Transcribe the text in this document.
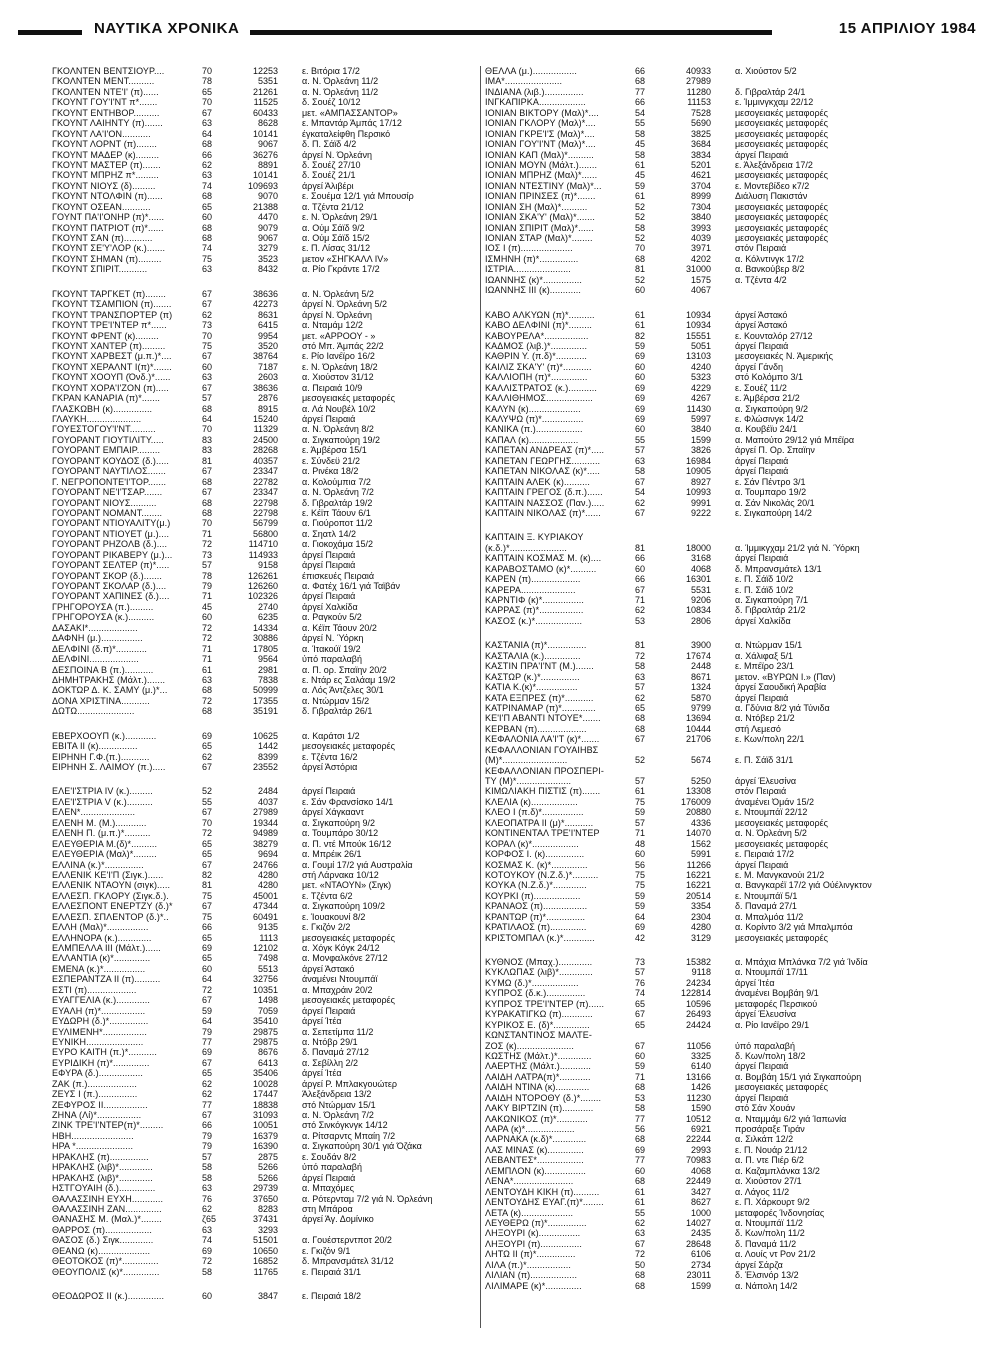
ΝΑΥΤΙΚΑ ΧΡΟΝΙΚΑ	15 ΑΠΡΙΛΙΟΥ 1984
ΓΚΟΛΝΤΕΝ ΒΕΝΤΣΙΟΥΡ....	70	12253	ε. Βιτόρια 17/2
ΓΚΟΛΝΤΕΝ ΜΕΝΤ..........	78	5351	α. Ν. Όρλεάνη 11/2
ΓΚΟΛΝΤΕΝ ΝΤΕ'Ι' (π)......	65	21261	α. Ν. Όρλεάνη 11/2
ΓΚΟΥΝΤ ΓΟΥ'Ι'ΝΤ π*.......	70	11525	δ. Σουέζ 10/12
ΓΚΟΥΝΤ ΕΝΤΗΒΟΡ..........	67	60433	μετ. «ΑΜΠΑΣΣΑΝΤΟΡ»
ΓΚΟΥΝΤ ΛΑΙΗΝΤΥ (π).......	63	8628	ε. Μπαντάρ Άμπάς 17/12
ΓΚΟΥΝΤ ΛΑ'Ι'ΟΝ...........	64	10141	έγκαταλείφθη Περσικό
ΓΚΟΥΝΤ ΛΟΡΝΤ (π)........	68	9067	δ. Π. Σάϊδ 4/2
ΓΚΟΥΝΤ ΜΑΔΕΡ (κ).........	66	36276	άργεί Ν. Όρλεάνη
ΓΚΟΥΝΤ ΜΑΣΤΕΡ (π).......	62	8891	δ. Σουέζ 27/10
ΓΚΟΥΝΤ ΜΠΡΗΖ π*.........	63	10141	δ. Σουέζ 21/1
ΓΚΟΥΝΤ ΝΙΟΥΣ (δ).........	74	109693	άργεί Άλιβέρι
ΓΚΟΥΝΤ ΝΤΟΛΦΙΝ (π)......	68	9070	ε. Σουέμα 12/1 γιά Μπουσίρ
ΓΚΟΥΝΤ ΟΣΕΑΝ...........	65	21388	α. Τζέντα 21/12
ΓΟΥΝΤ ΠΑ'Ι'ΟΝΗΡ (π)*......	60	4470	ε. Ν. Όρλεάνη 29/1
ΓΚΟΥΝΤ ΠΑΤΡΙΟΤ (π)*......	68	9079	α. Ούμ Σάϊδ 9/2
ΓΚΟΥΝΤ ΣΑΝ (π)...........	68	9067	α. Ούμ Σάϊδ 15/2
ΓΚΟΥΝΤ ΣΕ'Υ'ΛΟΡ (κ.).......	74	3279	ε. Π. Λίσας 31/12
ΓΚΟΥΝΤ ΣΗΜΑΝ (π).........	75	3523	μετον «ΣΗΓΚΑΛΛ IV»
ΓΚΟΥΝΤ ΣΠΙΡΙΤ...........	63	8432	α. Ρίο Γκράντε 17/2
ΓΚΟΥΝΤ ΤΑΡΓΚΕΤ (π)........	67	38636	α. Ν. Όρλεάνη 5/2
ΓΚΟΥΝΤ ΤΣΑΜΠΙΟΝ (π).......	67	42273	άργεί Ν. Όρλεάνη 5/2
ΓΚΟΥΝΤ ΤΡΑΝΣΠΟΡΤΕΡ (π)	62	8631	άργεί Ν. Όρλεάνη
ΓΚΟΥΝΤ ΤΡΕ'Ι'ΝΤΕΡ π*......	73	6415	α. Νταμάμ 12/2
ΓΚΟΥΝΤ ΦΡΕΝΤ (κ).........	70	9954	μετ. «ΑΡΡΟΟΥ - »
ΓΚΟΥΝΤ ΧΑΝΤΕΡ (π).........	75	3520	στό Μπ. Άμπάς 22/2
ΓΚΟΥΝΤ ΧΑΡΒΕΣΤ (μ.π.)*....	67	38764	ε. Ρίο Ιανέϊρο 16/2
ΓΚΟΥΝΤ ΧΕΡΑΛΝΤ Ι(π)*.......	60	7187	ε. Ν. Όρλεάνη 18/2
ΓΚΟΥΝΤ ΧΟΟΥΠ (Όνδ.)*......	63	2603	α. Χιούστον 31/12
ΓΚΟΥΝΤ ΧΟΡΑ'Ι'ΖΟΝ (π).....	67	38636	α. Πειραιά 10/9
ΓΚΡΑΝ ΚΑΝΑΡΙΑ (π)*.......	57	2876	μεσογειακές μεταφορές
ΓΛΑΣΚΩΒΗ (κ)...............	68	8915	α. Λά Νουβέλ 10/2
ΓΛΑΥΚΗ.....................	64	15240	άργεί Πειραιά
ΓΟΥΕΣΤΟΓΟΥ'Ι'ΝΤ..........	70	11329	α. Ν. Όρλεάνη 8/2
ΓΟΥΟΡΑΝΤ ΓΙΟΥΤΙΛΙΤΥ.....	83	24500	α. Σιγκαπούρη 19/2
ΓΟΥΟΡΑΝΤ ΕΜΠΑΙΡ.........	83	28268	ε. Άμβέρσα 15/1
ΓΟΥΟΡΑΝΤ ΚΟΥΔΟΣ (δ.).....	81	40357	ε. Σύνδεϋ 21/2
ΓΟΥΟΡΑΝΤ ΝΑΥΤΙΛΟΣ.......	67	23347	α. Ρινέκα 18/2
Γ. ΝΕΓΡΟΠΟΝΤΕ'Ι'ΤΟΡ.......	68	22782	α. Κολούμπια 7/2
ΓΟΥΟΡΑΝΤ ΝΕ'Ι'ΤΣΑΡ.......	67	23347	α. Ν. Όρλεάνη 7/2
ΓΟΥΟΡΑΝΤ ΝΙΟΥΣ..........	68	22798	δ. Γιβραλτάρ 19/2
ΓΟΥΟΡΑΝΤ ΝΟΜΑΝΤ........	68	22798	ε. Κέϊπ Τάουν 6/1
ΓΟΥΟΡΑΝΤ ΝΤΙΟΥΑΛΙΤΥ(μ.)	70	56799	α. Γιούροποτ 11/2
ΓΟΥΟΡΑΝΤ ΝΤΙΟΥΕΤ (μ.)....	71	56800	α. Σηατλ 14/2
ΓΟΥΟΡΑΝΤ ΡΗΖΟΛΒ (δ.)....	72	114710	α. Γιοκοχάμα 15/2
ΓΟΥΟΡΑΝΤ ΡΙΚΑΒΕΡΥ (μ.)...	73	114933	άργεί Πειραιά
ΓΟΥΟΡΑΝΤ ΣΕΛΤΕΡ (π)*.....	57	9158	άργεί Πειραιά
ΓΟΥΟΡΑΝΤ ΣΚΟΡ (δ.).......	78	126261	έπισκευές Πειραιά
ΓΟΥΟΡΑΝΤ ΣΚΟΛΑΡ (δ.)....	79	126260	α. Φατέχ 16/1 γιά Ταϊβάν
ΓΟΥΟΡΑΝΤ ΧΑΠΙΝΕΣ (δ.)....	71	102326	άργεί Πειραιά
ΓΡΗΓΟΡΟΥΣΑ (π.).........	45	2740	άργεί Χαλκίδα
ΓΡΗΓΟΡΟΥΣΑ (κ.)..........	60	6235	α. Ραγκούν 5/2
ΔΑΣΑΚΙ*...................	72	14334	α. Κέϊπ Τάουν 20/2
ΔΑΦΝΗ (μ.)................	72	30886	άργεί Ν. Ύόρκη
ΔΕΛΦΙΝΙ (δ.π)*............	71	17805	α. Ίτακούϊ 19/2
ΔΕΛΦΙΝΙ...................	71	9564	ύπό παραλαβή
ΔΕΣΠΟΙΝΑ Β (π.)...........	61	2981	α. Π. ορ. Σπαϊην 20/2
ΔΗΜΗΤΡΑΚΗΣ (Μάλτ.).......	63	7838	ε. Ντάρ ες Σαλάαμ 19/2
ΔΟΚΤΩΡ Δ. Κ. ΣΑΜΥ (μ.)*...	68	50999	α. Λός Άντζελες 30/1
ΔΟΝΑ ΧΡΙΣΤΙΝΑ...........	72	17355	α. Ντώρμαν 15/2
ΔΩΤΩ......................	68	35191	δ. Γιβραλτάρ 26/1
ΕΒΕΡΧΟΟΥΠ (κ.)............	69	10625	α. Καράτσι 1/2
ΕΒΙΤΑ ΙΙ (κ)...............	65	1442	μεσογειακές μεταφορές
ΕΙΡΗΝΗ Γ.Φ.(π.)...........	62	8399	ε. Τζέντα 16/2
ΕΙΡΗΝΗ Σ. ΛΑΙΜΟΥ (π.).....	67	23552	άργεί Άστόρια
ΕΛΕ'Ι'ΣΤΡΙΑ IV (κ.).........	52	2484	άργεί Πειραιά
ΕΛΕ'Ι'ΣΤΡΙΑ V (κ.)..........	55	4037	ε. Σάν Φρανσίσκο 14/1
ΕΛΕΝ*.....................	67	27989	άργεί Χάγκααντ
ΕΛΕΝΗ Μ. (Μ.)............	70	19344	α. Σιγκαπούρη 9/2
ΕΛΕΝΗ Π. (μ.π.)*..........	72	94989	α. Τουμπάρο 30/12
ΕΛΕΥΘΕΡΙΑ Μ.(δ)*..........	65	38279	α. Π. ντέ Μπούκ 16/12
ΕΛΕΥΘΕΡΙΑ (Μαλ)*.........	65	9694	α. Μπρέικ 26/1
ΕΛΛΙΝΑ (κ.)*...............	67	24766	α. Γουμί 17/2 γιά Αυστραλία
ΕΛΛΕΝΙΚ ΚΕ'Ι'Π (Σιγκ.)......	82	4280	στή Λάρνακα 10/12
ΕΛΛΕΝΙΚ ΝΤΑΟΥΝ (σιγκ).....	81	4280	μετ. «ΝΤΑΟΥΝ» (Σιγκ)
ΕΛΛΕΣΠ. ΓΚΛΟΡΥ (Σιγκ.δ.).	75	45001	ε. Τζέντα 6/2
ΕΛΛΕΣΠΟΝΤ ΕΝΕΡΤΖΥ (δ.)*	67	47344	α. Σιγκαπούρη 109/2
ΕΛΛΕΣΠ. ΣΠΛΕΝΤΟΡ (δ.)*..	75	60491	ε. Ίουακουνί 8/2
ΕΛΛΗ (Μαλ)*................	66	9135	ε. Γκιζόν 2/2
ΕΛΛΗΝΟΡΑ (κ.).............	65	1113	μεσογειακές μεταφορές
ΕΛΜΠΕΛΛΑ ΙΙΙ (Μάλτ.)......	69	12102	α. Χόγκ Κόγκ 24/12
ΕΛΛΑΝΤΙΑ (κ)*..............	65	7498	α. Μονφαλκόνε 27/12
ΕΜΕΝΑ (κ.)*................	60	5513	άργεί Άστακό
ΕΣΠΕΡΑΝΤΖΑ ΙΙ (π)..........	64	32756	άναμένει Ντουμπάϊ
ΕΣΤΙ (π)...................	72	10351	α. Μπαχράιν 20/2
ΕΥΑΓΓΕΛΙΑ (κ.).............	67	1498	μεσογειακές μεταφορές
ΕΥΑΛΗ (π)*.................	59	7059	άργεί Πειραιά
ΕΥΔΩΡΗ (δ.)*...............	64	35410	άργεί Ίτέα
ΕΥΛΙΜΕΝΗ*.................	79	29875	α. Σεπετίμπα 11/2
ΕΥΝΙΚΗ......................	77	29875	α. Ντόβρ 29/1
ΕΥΡΟ ΚΑΙΤΗ (π.)*...........	69	8676	δ. Παναμά 27/12
ΕΥΡΙΔΙΚΗ (π)*..............	67	6413	α. Σεβίλλη 2/2
ΕΦΥΡΑ (δ.).................	65	35406	άργεί Ίτέα
ΖΑΚ (π.)...................	62	10028	άργεί Ρ. Μπλακγουώτερ
ΖΕΥΣ Ι (π.)...............	62	17447	Άλεξάνδρεια 13/2
ΖΕΦΥΡΟΣ ΙΙ.................	77	18838	στό Ντώρμαν 15/1
ΖΗΝΑ (Λί)*.................	67	31093	α. Ν. Όρλεάνη 7/2
ΖΙΝΚ ΤΡΕ'Ι'ΝΤΕΡ(π)*.........	66	10051	στό Σινκόγκνγκ 14/12
ΗΒΗ........................	79	16379	α. Ρίτσαρντς Μπαίη 7/2
ΗΡΑ *......................	79	16390	α. Σιγκαπούρη 30/1 γιά Όζάκα
ΗΡΑΚΛΗΣ (π)...............	57	2875	ε. Σουδάν 8/2
ΗΡΑΚΛΗΣ (λιβ)*.............	58	5266	ύπό παραλαβή
ΗΡΑΚΛΗΣ (λιβ)*.............	58	5266	άργεί Πειραιά
ΗΣΤΓΟΥΑΙΗ (δ.)..............	63	29739	α. Μπαχόμες
ΘΑΛΑΣΣΙΝΗ ΕΥΧΗ............	76	37650	α. Ρότερνταμ 7/2 γιά Ν. Όρλεάνη
ΘΑΛΑΣΣΙΝΗ ΖΑΝ..............	62	8283	στη Μπάροα
ΘΑΝΑΣΗΣ Μ. (Μαλ.)*........	ζ65	37431	άργεί Άγ. Δομίνικο
ΘΑΡΡΟΣ (π)..................	63	3293
ΘΑΣΟΣ (δ.) Σιγκ.............	74	51501	α. Γουέστερντποτ 20/2
ΘΕΑΝΩ (κ)....................	69	10650	ε. Γκιζόν 9/1
ΘΕΟΤΟΚΟΣ (π)*..............	72	16852	δ. Μπρανσμάτελ 31/12
ΘΕΟΥΠΟΛΙΣ (κ)*..............	58	11765	ε. Πειραιά 31/1
ΘΕΟΔΩΡΟΣ ΙΙ (κ.)..............	60	3847	ε. Πειραιά 18/2
ΘΕΛΛΑ (μ.).................	66	40933	α. Χιούστον 5/2
ΙΜΑ*......................	68	27989
ΙΝΔΙΑΝΑ (λιβ.)...............	77	11280	δ. Γιβραλτάρ 24/1
ΙΝΓΚΑΠΙΡΚΑ..................	66	11153	ε. Ίμμινγκχαμ 22/12
ΙΟΝΙΑΝ ΒΙΚΤΟΡΥ (Μαλ)*....	54	7528	μεσογειακές μεταφορές
ΙΟΝΙΑΝ ΓΚΛΟΡΥ (Μαλ)*....	55	5690	μεσογειακές μεταφορές
ΙΟΝΙΑΝ ΓΚΡΕ'Ι'Σ (Μαλ)*....	58	3825	μεσογειακές μεταφορές
ΙΟΝΙΑΝ ΓΟΥ'Ι'ΝΤ (Μαλ)*....	45	3684	μεσογειακές μεταφορές
ΙΟΝΙΑΝ ΚΑΠ (Μαλ)*..........	58	3834	άργεί Πειραιά
ΙΟΝΙΑΝ ΜΟΥΝ (Μάλτ.).......	61	5201	ε. Άλεξάνδρεια 17/2
ΙΟΝΙΑΝ ΜΠΡΗΖ (Μαλ)*......	45	4621	μεσογειακές μεταφορές
ΙΟΝΙΑΝ ΝΤΕΣΤΙΝΥ (Μαλ)*...	59	3704	ε. Μοντεβίδεο κ7/2
ΙΟΝΙΑΝ ΠΡΙΝΣΕΣ (π)*.......	61	8999	Διάλυση Πακιστάν
ΙΟΝΙΑΝ ΣΗ (Μαλ)*..........	52	7304	μεσογειακές μεταφορές
ΙΟΝΙΑΝ ΣΚΑ'Υ' (Μαλ)*.......	52	3840	μεσογειακές μεταφορές
ΙΟΝΙΑΝ ΣΠΙΡΙΤ (Μαλ)*......	58	3993	μεσογειακές μεταφορές
ΙΟΝΙΑΝ ΣΤΑΡ (Μαλ)*........	52	4039	μεσογειακές μεταφορές
ΙΟΣ Ι (π)....................	70	3971	στόν Πειραιά
ΙΣΜΗΝΗ (π)*...............	68	4202	α. Κόλντινγκ 17/2
ΙΣΤΡΙΑ......................	81	31000	α. Βανκούβερ 8/2
ΙΩΑΝΝΗΣ (κ)*...............	52	1575	α. Τζέντα 4/2
ΙΩΑΝΝΗΣ ΙΙΙ (κ)............	60	4067
ΚΑΒΟ ΑΛΚΥΩΝ (π)*..........	61	10934	άργεί Άστακό
ΚΑΒΟ ΔΕΛΦΙΝΙ (π)*.........	61	10934	άργεί Άστακό
ΚΑΒΟΥΡΕΛΑ*.................	82	15551	ε. Κουνταλόρ 27/12
ΚΑΔΜΟΣ (λιβ.)*..............	59	5051	άργεί Πειραιά
ΚΑΘΡΙΝ Υ. (π.δ)*............	69	13103	μεσογειακές Ν. Άμερικής
ΚΑΙΛΙΖ ΣΚΑ'Υ' (π)*...........	60	4240	άργεί Γάνδη
ΚΑΛΛΙΟΠΗ (π)*..............	60	5323	στό Κολόμπο 3/1
ΚΑΛΛΙΣΤΡΑΤΟΣ (κ.)...........	69	4229	ε. Σουέζ 11/2
ΚΑΛΛΙΘΗΜΟΣ..................	69	4267	ε. Άμβέρσα 21/2
ΚΑΛΥΝ (κ)....................	69	11430	α. Σιγκαπούρη 9/2
ΚΑΛΥΨΩ (π)*................	69	5997	ε. Φλώσινγκ 14/2
ΚΑΝΙΚΑ (π.)..................	60	3840	α. Κουβέϊυ 24/1
ΚΑΠΑΛ (κ)...................	55	1599	α. Μαπούτο 29/12 γιά Μπέϊρα
ΚΑΠΕΤΑΝ ΑΝΔΡΕΑΣ (π)*.....	57	3826	άργεί Π. Ορ. Σπαϊην
ΚΑΠΕΤΑΝ ΓΕΩΡΓΗΣ...........	63	16984	άργεί Πειραιά
ΚΑΠΕΤΑΝ ΝΙΚΟΛΑΣ (κ)*.....	58	10905	άργεί Πειραιά
ΚΑΠΤΑΙΝ ΑΛΕΚ (κ)..........	67	8927	ε. Σάν Πέντρο 3/1
ΚΑΠΤΑΙΝ ΓΡΕΓΟΣ (δ.π.)......	54	10993	α. Τουμπαρο 19/2
ΚΑΠΤΑΙΝ ΝΑΣΣΟΣ (Παν.).....	62	9991	α. Σάν Νικολάς 20/1
ΚΑΠΤΑΙΝ ΝΙΚΟΛΑΣ (π)*......	67	9222	ε. Σιγκαπούρη 14/2
ΚΑΠΤΑΙΝ Ξ. ΚΥΡΙΑΚΟΥ
(κ.δ.)*......................	81	18000	α. Ίμμικγχαμ 21/2 γιά Ν. Ύόρκη
ΚΑΠΤΑΙΝ ΚΟΣΜΑΣ Μ. (κ)....	66	3168	άργεί Πειραιά
ΚΑΡΑΒΟΣΤΑΜΟ (κ)*..........	60	4068	δ. Μπρανσμάτελ 13/1
ΚΑΡΕΝ (π)...................	66	16301	ε. Π. Σάϊδ 10/2
ΚΑΡΕΡΑ.....................	67	5531	ε. Π. Σάϊδ 10/2
ΚΑΡΝΤΙΦ (κ)*................	71	9206	α. Σιγκαπούρη 7/1
ΚΑΡΡΑΣ (π)*.................	62	10834	δ. Γιβραλτάρ 21/2
ΚΑΣΟΣ (κ.)*..................	53	2806	άργεί Χαλκίδα
ΚΑΣΤΑΝΙΑ (π)*...............	81	3900	α. Ντώρμαν 15/1
ΚΑΣΤΑΛΙΑ (κ.)..............	72	17674	α. Χάλιφαξ 5/1
ΚΑΣΤΙΝ ΠΡΑ'Ι'ΝΤ (Μ.).......	58	2448	ε. Μπέϊρο 23/1
ΚΑΣΤΩΡ (κ.)*...............	63	8671	μετον. «ΒΥΡΩΝ Ι.» (Παν)
ΚΑΤΙΑ Κ.(κ)*................	57	1324	άργεί Σαουδική Άραβία
ΚΑΤΑ ΕΞΠΡΕΣ (π)*...........	62	5870	άργεί Πειραιά
ΚΑΤΡΙΝΑΜΑΡ (π)*.............	65	9799	α. Γδύνια 8/2 γιά Τύνιδα
ΚΕ'Ι'Π ΑΒΑΝΤΙ ΝΤΟΥΕ*.......	68	13694	α. Ντόβερ 21/2
ΚΕΡΒΑΝ (π)...................	68	10444	στή Λεμεσό
ΚΕΦΑΛΟΝΙΑ ΛΑ'Ι'Τ (κ)*.......	67	21706	ε. Κων/πολη 22/1
ΚΕΦΑΛΛΟΝΙΑΝ ΓΟΥΑΙΗΒΣ
(Μ)*.........................	52	5674	ε. Π. Σάϊδ 31/1
ΚΕΦΑΛΛΟΝΙΑΝ ΠΡΟΣΠΕΡΙ-
ΤΥ (Μ)*.....................	57	5250	άργεί Έλευσίνα
ΚΙΜΩΛΙΑΚΗ ΠΙΣΤΙΣ (π).......	61	13308	στόν Πειραιά
ΚΛΕΛΙΑ (κ)..................	75	176009	άναμένει Όμάν 15/2
ΚΛΕΟ Ι (π.δ)*................	59	20880	ε. Ντουμπάϊ 22/12
ΚΛΕΟΠΑΤΡΑ ΙΙ (μ)*...........	57	4336	μεσογειακές μεταφορές
ΚΟΝΤΙΝΕΝΤΑΛ ΤΡΕ'Ι'ΝΤΕΡ	71	14070	α. Ν. Όρλεάνη 5/2
ΚΟΡΑΛ (κ)*..................	48	1562	μεσογειακές μεταφορές
ΚΟΡΦΟΣ Ι. (κ)...............	60	5991	ε. Πειραιά 17/2
ΚΟΣΜΑΣ Κ. (κ)*..............	56	11266	άργεί Πειραιά
ΚΟΤΟΥΚΟΥ (Ν.Ζ.δ.)*..........	75	16221	ε. Μ. Μανγκανούι 21/2
ΚΟΥΚΑ (Ν.Ζ.δ.)*.............	75	16221	α. Βανγκαρέϊ 17/2 γιά Ούέλινγκτον
ΚΟΥΡΚΙ (π)..................	59	20514	ε. Ντουμπάϊ 5/1
ΚΡΑΝΑΟΣ (π).................	59	3354	δ. Παναμά 27/1
ΚΡΑΝΤΩΡ (π)*...............	64	2304	α. Μπαλμόα 11/2
ΚΡΑΤΙΛΑΟΣ (π)..............	69	4280	α. Κορίντο 3/2 γιά Μπαλμπόα
ΚΡΙΣΤΟΜΠΑΛ (κ.)*............	42	3129	μεσογειακές μεταφορές
ΚΥΘΝΟΣ (Μπαχ.).............	73	15382	α. Μπάχια Μπλάνκα 7/2 γιά Ίνδία
ΚΥΚΛΩΠΑΣ (λιβ)*.............	57	9118	α. Ντουμπάϊ 17/11
ΚΥΜΩ (δ.)*..................	76	24234	άργεί Ίτέα
ΚΥΠΡΟΣ (δ.κ.)...............	74	122814	άναμένει Βομβάη 9/1
ΚΥΠΡΟΣ ΤΡΕ'Ι'ΝΤΕΡ (π)......	65	10596	μεταφορές Περσικού
ΚΥΡΑΚΑΤΙΓΚΩ (π)............	67	26493	άργεί Έλευσίνα
ΚΥΡΙΚΟΣ Ε. (δ)*..............	65	24424	α. Ρίο Ιανέϊρο 29/1
ΚΩΝΣΤΑΝΤΙΝΟΣ ΜΑΛΤΕ-
ΖΟΣ (κ)......................	67	11056	ύπό παραλαβή
ΚΩΣΤΗΣ (Μάλτ.)*.............	60	3325	δ. Κων/πολη 18/2
ΛΑΕΡΤΗΣ (Μάλτ.)............	59	6140	άργεί Πειραιά
ΛΑΙΔΗ ΛΑΤΡΑ(π)*............	71	13166	α. Βομβάη 15/1 γιά Σιγκαπούρη
ΛΑΙΔΗ ΝΤΙΝΑ (κ).............	68	1426	μεσογειακές μεταφορές
ΛΑΙΔΗ ΝΤΟΡΟΘΥ (δ.)*........	53	11230	άργεί Πειραιά
ΛΑΚΥ ΒΙΡΤΖΙΝ (π)............	58	1590	στό Σάν Χουάν
ΛΑΚΩΝΙΚΟΣ (π)*............	77	10512	α. Νταμμάμ 6/2 γιά Ίαπωνία
ΛΑΡΑ (κ)*...................	56	6921	προσάραξε Τιράν
ΛΑΡΝΑΚΑ (κ.δ)*.............	68	22244	α. Σιλκάπ 12/2
ΛΑΣ ΜΙΝΑΣ (κ)..............	69	2993	ε. Π. Νουάρ 21/12
ΛΕΒΑΝΤΕΣ*..................	77	70983	α. Π. ντε Πιέρ 6/2
ΛΕΜΠΛΟΝ (κ)................	60	4068	α. Καζαμπλάνκα 13/2
ΛΕΝΑ*.......................	68	22449	α. Χιούστον 27/1
ΛΕΝΤΟΥΔΗ ΚΙΚΗ (π)..........	61	3427	α. Λάγος 11/2
ΛΕΝΤΟΥΔΗΣ ΕΥΑΓ.(π)*........	61	8627	ε. Π. Χάρκουρτ 9/2
ΛΕΤΑ (κ)....................	55	1000	μεταφορές Ίνδονησίας
ΛΕΥΘΕΡΩ (π)*...............	62	14027	α. Ντουμπάϊ 11/2
ΛΗΞΟΥΡΙ (κ)................	63	2435	δ. Κων/πολη 11/2
ΛΗΞΟΥΡΙ (π)................	67	28648	δ. Παναμά 11/2
ΛΗΤΩ ΙΙ (π)*...............	72	6106	α. Λουίς ντ Ρον 21/2
ΛΙΛΑ (π.)*.................	50	2734	άργεί Σάρζα
ΛΙΛΙΑΝ (π)..................	68	23011	δ. Έλσινόρ 13/2
ΛΙΛΙΜΑΡΕ (κ)*..............	68	1599	α. Νάπολη 14/2
